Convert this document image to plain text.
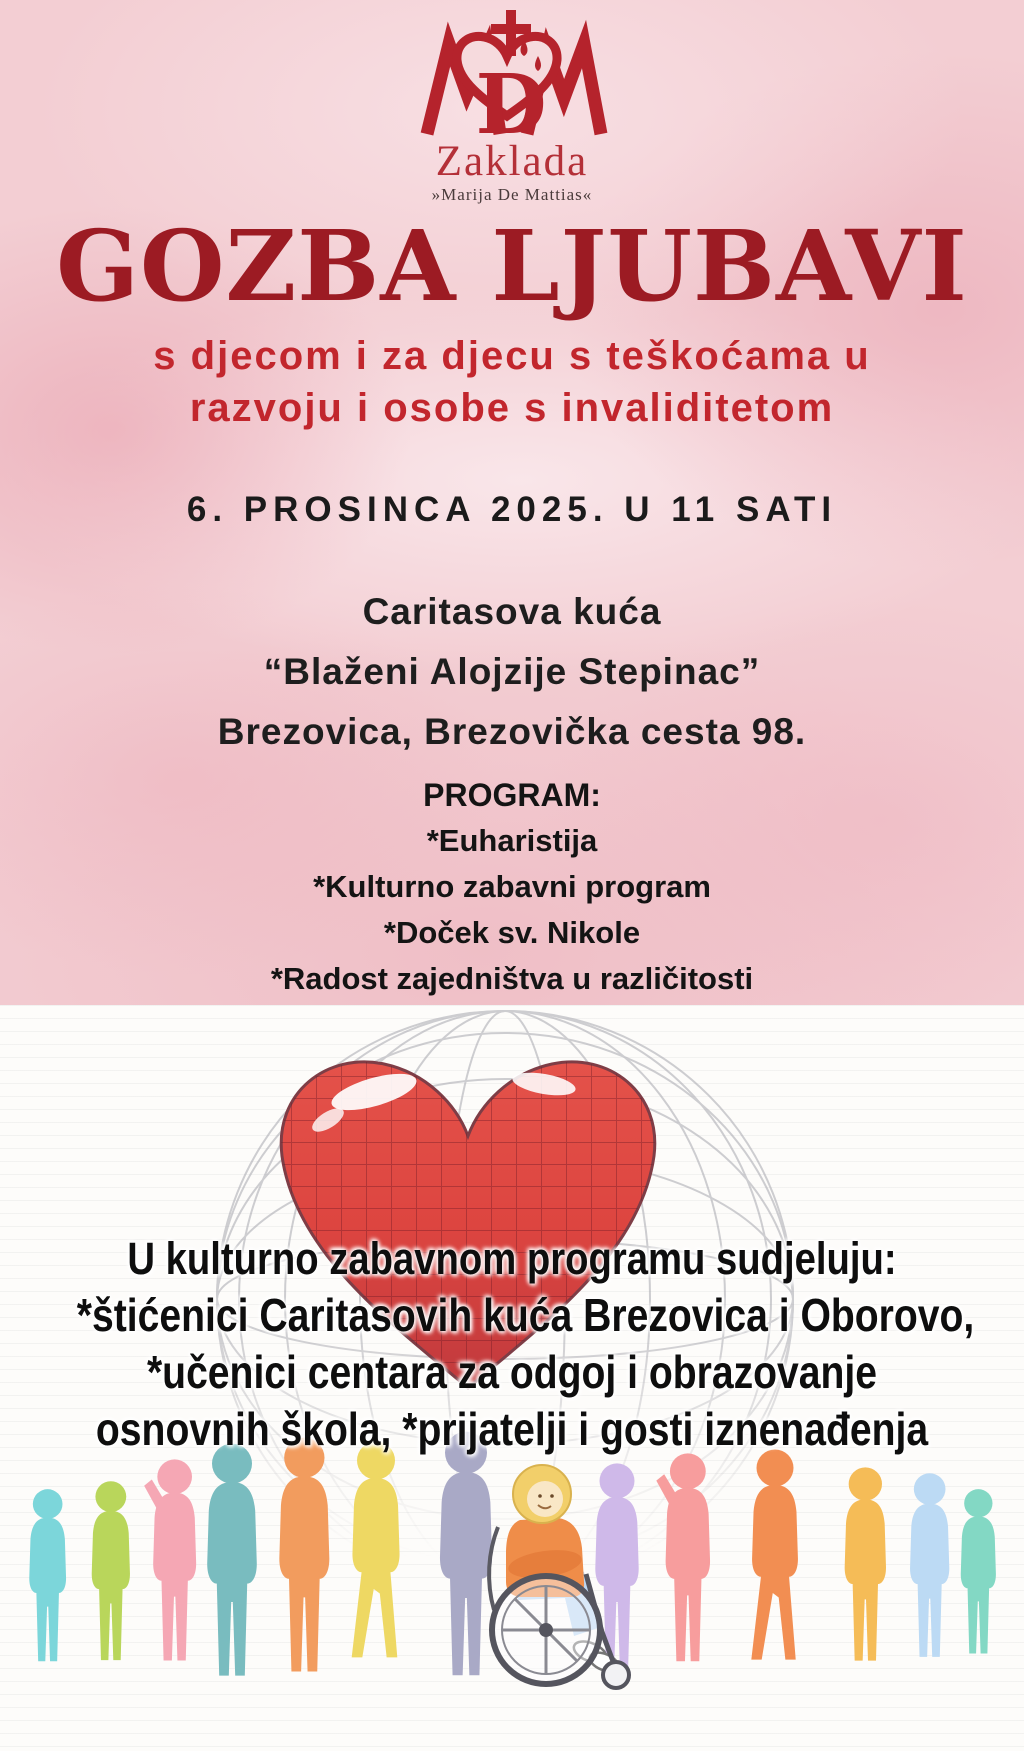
D
Zaklada
»Marija De Mattias«
GOZBA LJUBAVI
s djecom i za djecu s teškoćama u
razvoju i osobe s invaliditetom
6. PROSINCA 2025. U 11 SATI
Caritasova kuća
“Blaženi Alojzije Stepinac”
Brezovica, Brezovička cesta 98.
PROGRAM:
*Euharistija
*Kulturno zabavni program
*Doček sv. Nikole
*Radost zajedništva u različitosti
U kulturno zabavnom programu sudjeluju:
*štićenici Caritasovih kuća Brezovica i Oborovo,
*učenici centara za odgoj i obrazovanje
osnovnih škola, *prijatelji i gosti iznenađenja
